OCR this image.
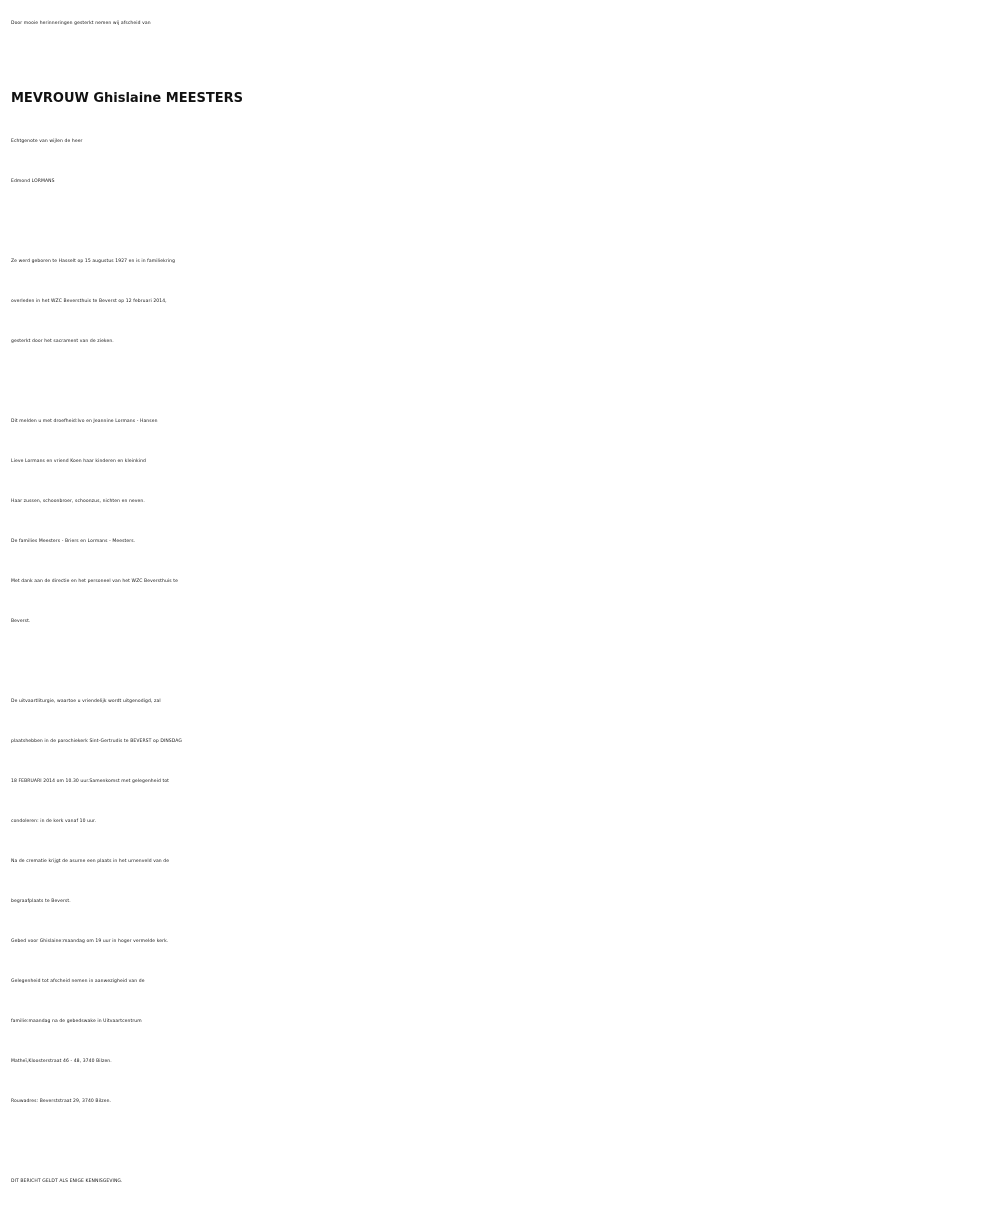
Door mooie herinneringen gesterkt nemen wij afscheid van
MEVROUW Ghislaine MEESTERS
Echtgenote van wijlen de heer
Edmond LORMANS
Ze werd geboren te Hasselt op 15 augustus 1927 en is in familiekring
overleden in het WZC Beversthuis te Beverst op 12 februari 2014,
gesterkt door het sacrament van de zieken.
Dit melden u met droefheid:Ivo en Jeannine Lormans - Hansen
Lieve Lormans en vriend Koen haar kinderen en kleinkind
Haar zussen, schoonbroer, schoonzus, nichten en neven.
De families Meesters - Briers en Lormans - Meesters.
Met dank aan de directie en het personeel van het WZC Beversthuis te
Beverst.
De uitvaartliturgie, waartoe u vriendelijk wordt uitgenodigd, zal
plaatshebben in de parochiekerk Sint-Gertrudis te BEVERST op DINSDAG
18 FEBRUARI 2014 om 10.30 uur.Samenkomst met gelegenheid tot
condoleren: in de kerk vanaf 10 uur.
Na de crematie krijgt de asurne een plaats in het urnenveld van de
begraafplaats te Beverst.
Gebed voor Ghislaine:maandag om 19 uur in hoger vermelde kerk.
Gelegenheid tot afscheid nemen in aanwezigheid van de
familie:maandag na de gebedswake in Uitvaartcentrum
Matheï,Kloosterstraat 46 - 48, 3740 Bilzen.
Rouwadres: Beverststraat 29, 3740 Bilzen.
DIT BERICHT GELDT ALS ENIGE KENNISGEVING.
